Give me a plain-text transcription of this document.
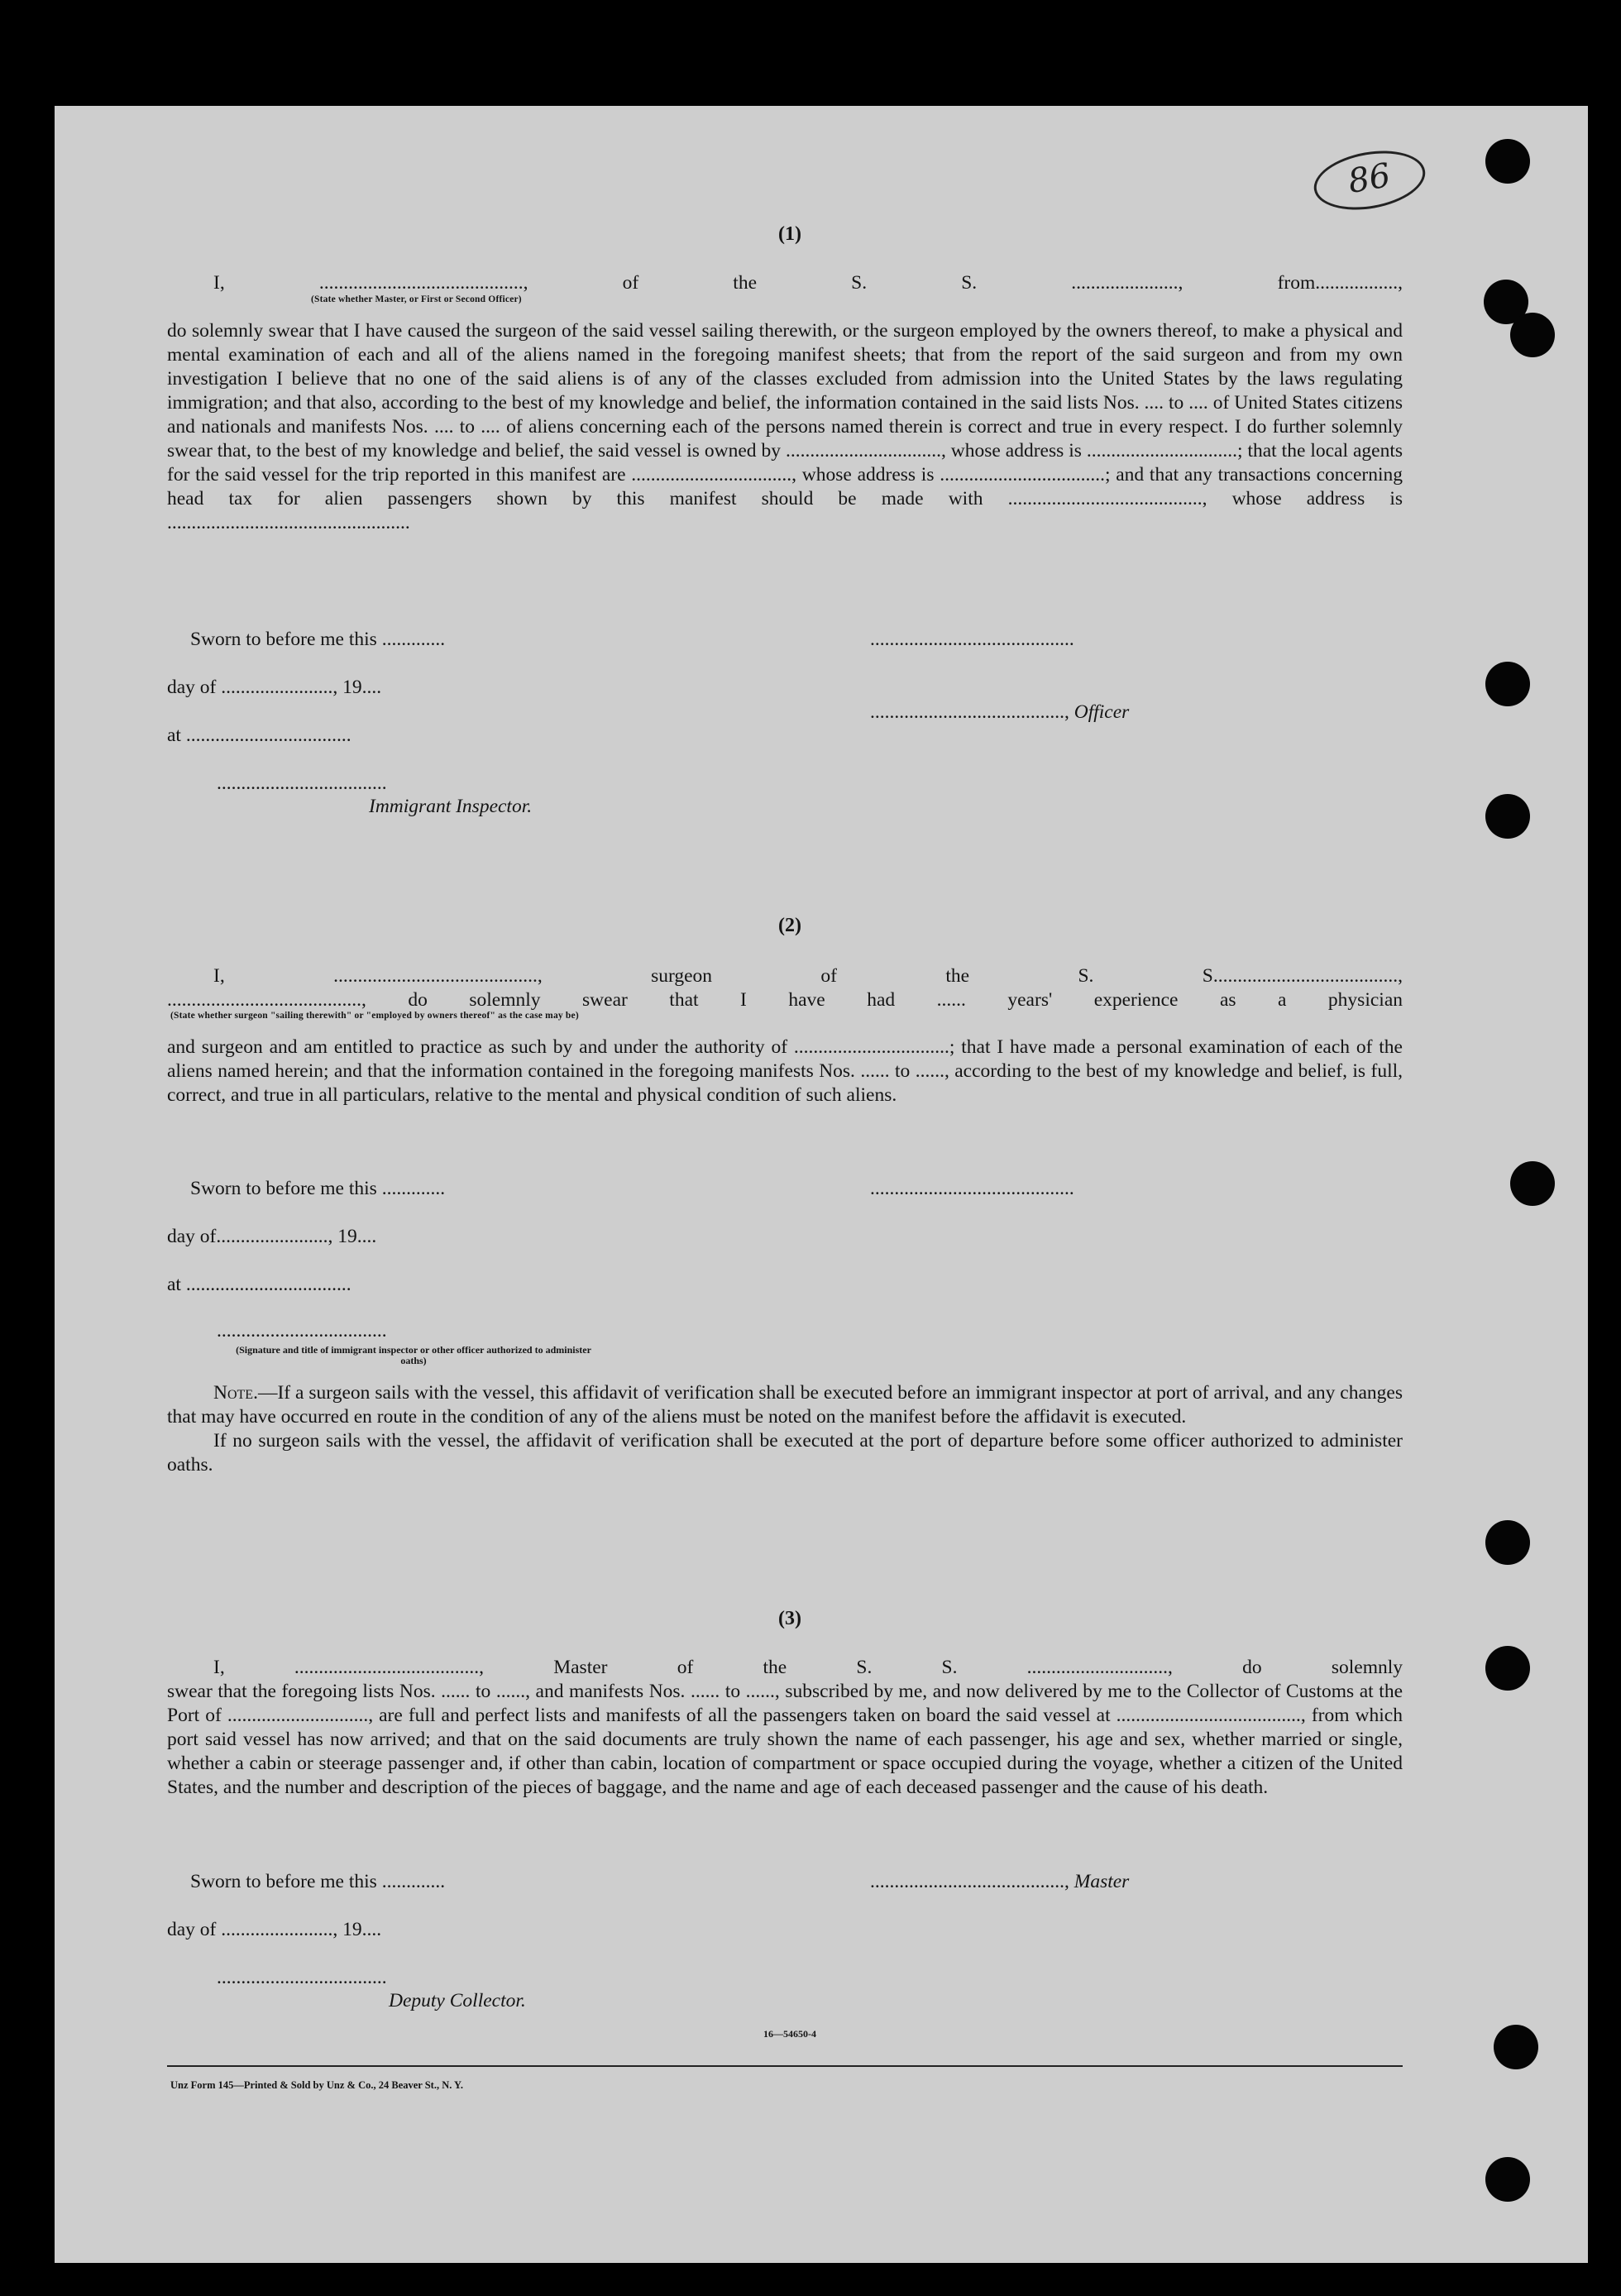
86
(1)

I, .........................................., of the S. S. ......................, from.................,

(State whether Master, or First or Second Officer)

do solemnly swear that I have caused the surgeon of the said vessel sailing therewith, or the surgeon employed by the owners thereof, to make a physical and mental examination of each and all of the aliens named in the foregoing manifest sheets; that from the report of the said surgeon and from my own investigation I believe that no one of the said aliens is of any of the classes excluded from admission into the United States by the laws regulating immigration; and that also, according to the best of my knowledge and belief, the information contained in the said lists Nos. .... to .... of United States citizens and nationals and manifests Nos. .... to .... of aliens concerning each of the persons named therein is correct and true in every respect. I do further solemnly swear that, to the best of my knowledge and belief, the said vessel is owned by ................................, whose address is ...............................; that the local agents for the said vessel for the trip reported in this manifest are ................................., whose address is ..................................; and that any transactions concerning head tax for alien passengers shown by this manifest should be made with ........................................, whose address is

..................................................

Sworn to before me this .............	..........................................
day of ......................., 19....
........................................, Officer
at ..................................
...................................
Immigrant Inspector.
(2)

I, .........................................., surgeon of the S. S......................................,

........................................, do solemnly swear that I have had ...... years' experience as a physician

(State whether surgeon "sailing therewith" or "employed by owners thereof" as the case may be)

and surgeon and am entitled to practice as such by and under the authority of ................................; that I have made a personal examination of each of the aliens named herein; and that the information contained in the foregoing manifests Nos. ...... to ......, according to the best of my knowledge and belief, is full, correct, and true in all particulars, relative to the mental and physical condition of such aliens.

Sworn to before me this .............	..........................................
day of......................., 19....
at ..................................
...................................
(Signature and title of immigrant inspector or other officer authorized to administer oaths)

Note.—If a surgeon sails with the vessel, this affidavit of verification shall be executed before an immigrant inspector at port of arrival, and any changes that may have occurred en route in the condition of any of the aliens must be noted on the manifest before the affidavit is executed.

If no surgeon sails with the vessel, the affidavit of verification shall be executed at the port of departure before some officer authorized to administer oaths.

(3)

I, ......................................, Master of the S. S. ............................., do solemnly

swear that the foregoing lists Nos. ...... to ......, and manifests Nos. ...... to ......, subscribed by me, and now delivered by me to the Collector of Customs at the Port of ............................., are full and perfect lists and manifests of all the passengers taken on board the said vessel at ......................................, from which port said vessel has now arrived; and that on the said documents are truly shown the name of each passenger, his age and sex, whether married or single, whether a cabin or steerage passenger and, if other than cabin, location of compartment or space occupied during the voyage, whether a citizen of the United States, and the number and description of the pieces of baggage, and the name and age of each deceased passenger and the cause of his death.

Sworn to before me this .............	........................................, Master
day of ......................., 19....
...................................
Deputy Collector.
16—54650-4
Unz Form 145—Printed & Sold by Unz & Co., 24 Beaver St., N. Y.
